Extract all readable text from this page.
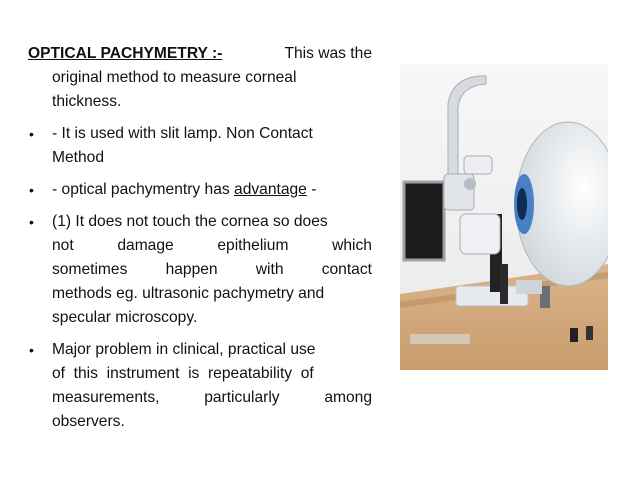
OPTICAL PACHYMETRY :-	This was the

original method to measure corneal

thickness.

• - It is used with slit lamp. Non Contact
Method
• - optical pachymentry has advantage -
• (1) It does not touch the cornea so does
not	damage	epithelium	which
sometimes happen with contact
methods eg. ultrasonic pachymetry and
specular microscopy.
• Major problem in clinical, practical use
of  this  instrument  is  repeatability  of
measurements,	particularly	among
observers.
